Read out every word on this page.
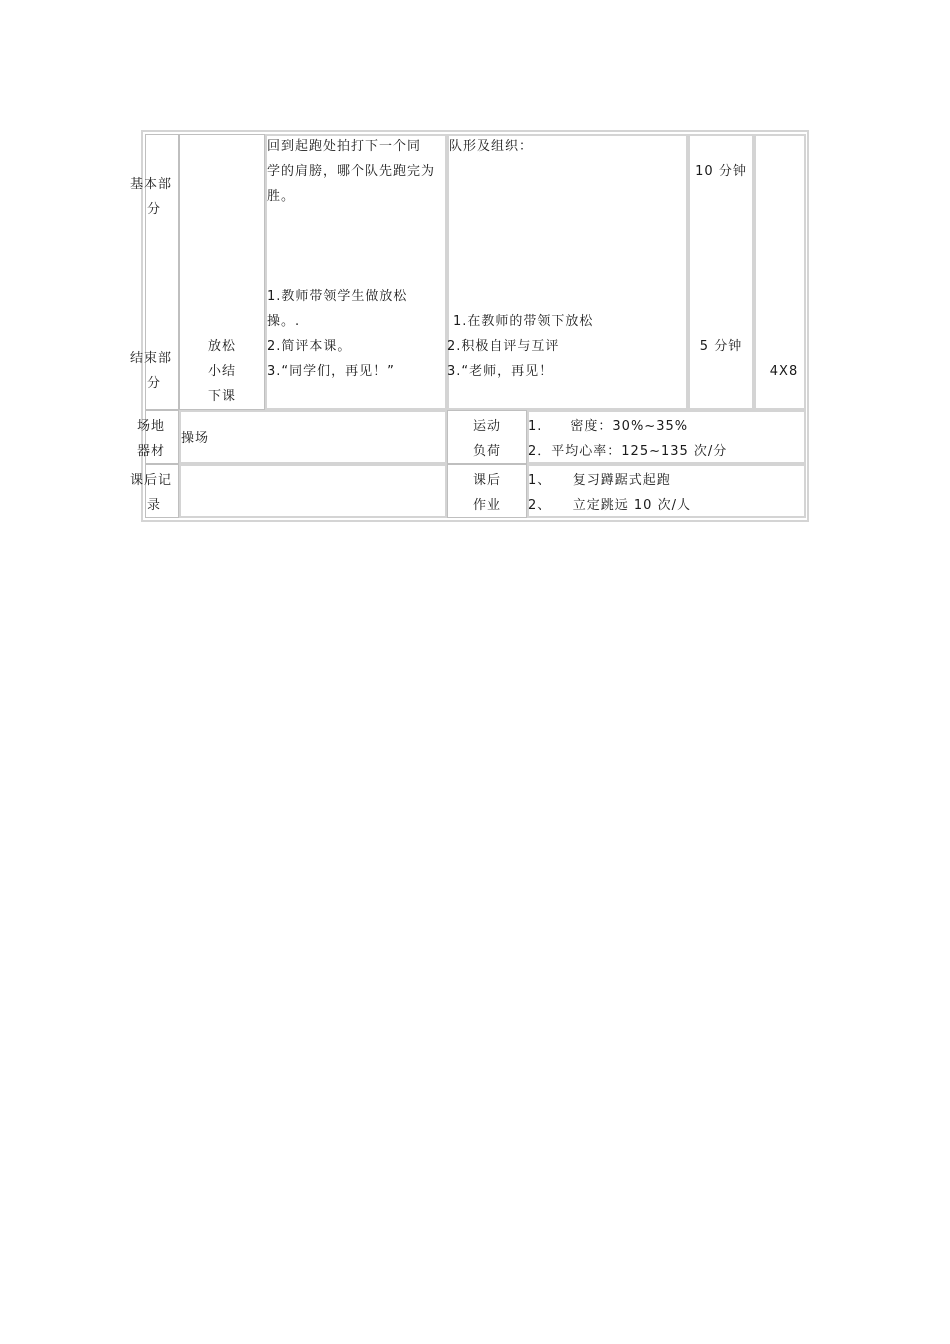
基本部
分
回到起跑处拍打下一个同
学的肩膀，哪个队先跑完为
胜。
队形及组织：
10 分钟
结束部
分
放松
小结
下课
1.教师带领学生做放松
操。.
2.简评本课。
3.“同学们，再见！”
1.在教师的带领下放松
2.积极自评与互评
3.“老师，再见！
5 分钟
4X8
场地
器材
操场
运动
负荷
1.　　密度：30%~35%
2．平均心率：125~135 次/分
课后记
录
课后
作业
1、　　复习蹲踞式起跑
2、　　立定跳远 10 次/人
